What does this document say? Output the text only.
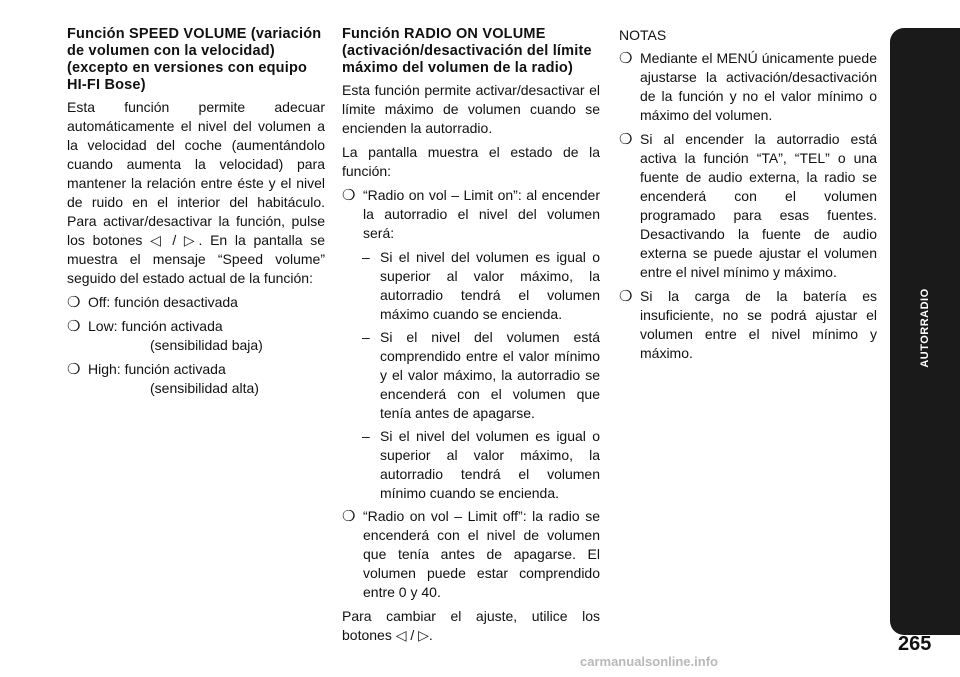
Función SPEED VOLUME (variación de volumen con la velocidad) (excepto en versiones con equipo HI-FI Bose)
Esta función permite adecuar automáticamente el nivel del volumen a la velocidad del coche (aumentándolo cuando aumenta la velocidad) para mantener la relación entre éste y el nivel de ruido en el interior del habitáculo. Para activar/desactivar la función, pulse los botones ◁ / ▷. En la pantalla se muestra el mensaje “Speed volume” seguido del estado actual de la función:
❍ Off: función desactivada
❍ Low: función activada
(sensibilidad baja)
❍ High: función activada
(sensibilidad alta)
Función RADIO ON VOLUME (activación/desactivación del límite máximo del volumen de la radio)
Esta función permite activar/desactivar el límite máximo de volumen cuando se encienden la autorradio.
La pantalla muestra el estado de la función:
❍ “Radio on vol – Limit on”: al encender la autorradio el nivel del volumen será:
– Si el nivel del volumen es igual o superior al valor máximo, la autorradio tendrá el volumen máximo cuando se encienda.
– Si el nivel del volumen está comprendido entre el valor mínimo y el valor máximo, la autorradio se encenderá con el volumen que tenía antes de apagarse.
– Si el nivel del volumen es igual o superior al valor máximo, la autorradio tendrá el volumen mínimo cuando se encienda.
❍ “Radio on vol – Limit off”: la radio se encenderá con el nivel de volumen que tenía antes de apagarse. El volumen puede estar comprendido entre 0 y 40.
Para cambiar el ajuste, utilice los botones ◁ / ▷.
NOTAS
❍ Mediante el MENÚ únicamente puede ajustarse la activación/desactivación de la función y no el valor mínimo o máximo del volumen.
❍ Si al encender la autorradio está activa la función “TA”, “TEL” o una fuente de audio externa, la radio se encenderá con el volumen programado para esas fuentes. Desactivando la fuente de audio externa se puede ajustar el volumen entre el nivel mínimo y máximo.
❍ Si la carga de la batería es insuficiente, no se podrá ajustar el volumen entre el nivel mínimo y máximo.	AUTORRADIO
265
carmanualsonline.info
